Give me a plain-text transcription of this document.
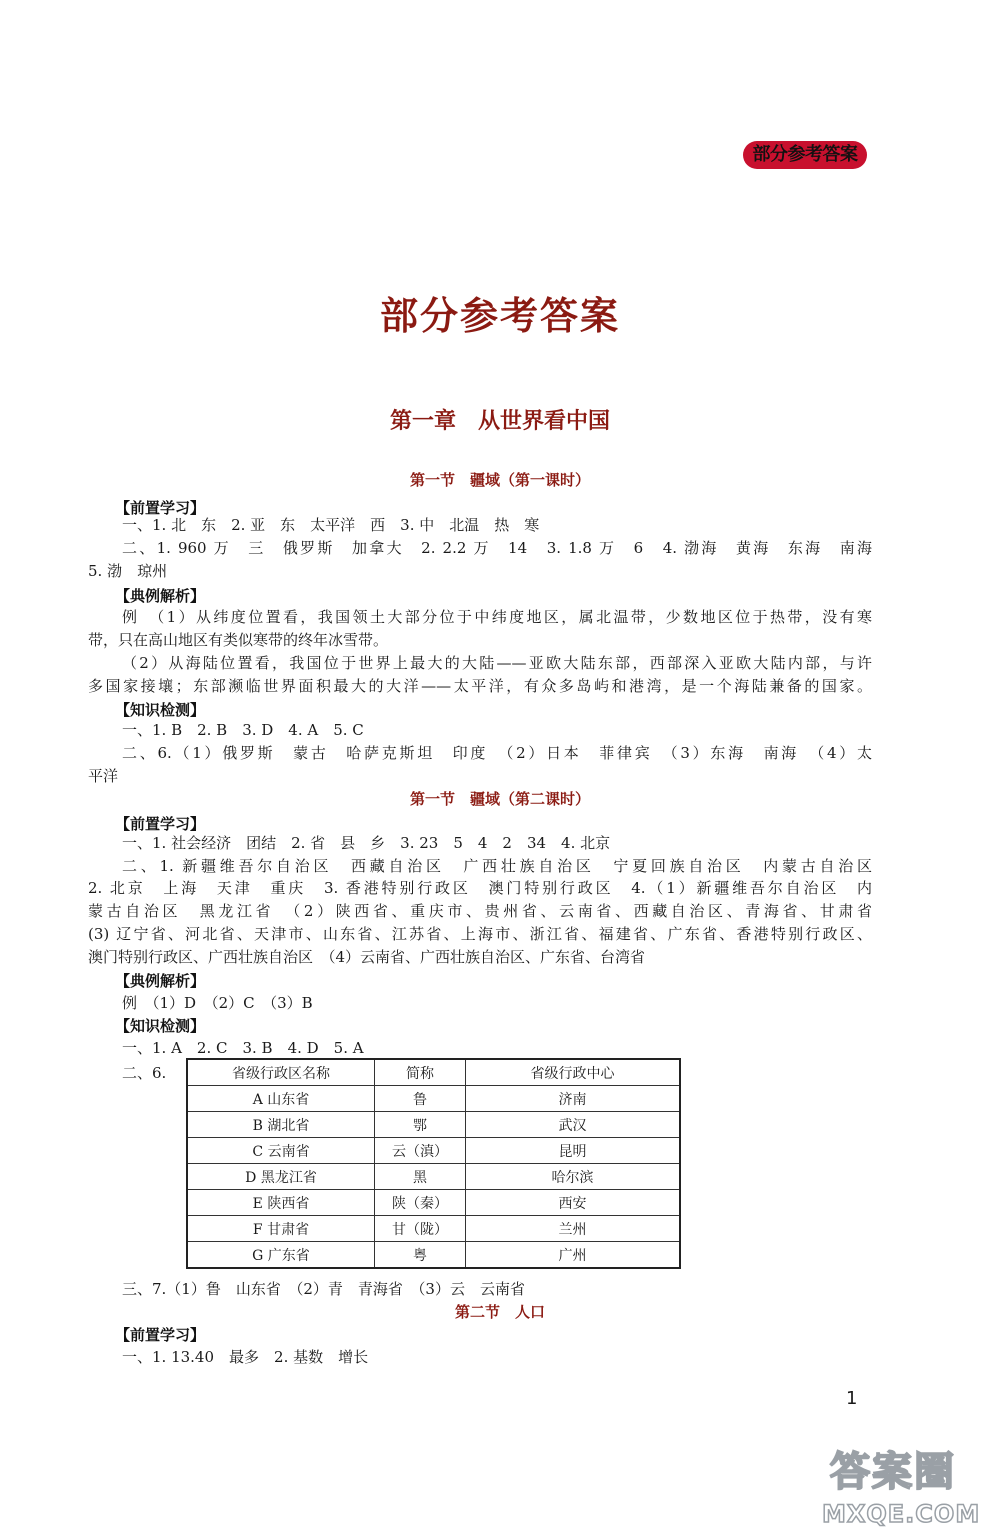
部分参考答案
部分参考答案
第一章　从世界看中国
第一节　疆域（第一课时）
【前置学习】
一、1. 北　东　2. 亚　东　太平洋　西　3. 中　北温　热　寒
二、1. 960 万　三　俄罗斯　加拿大　2. 2.2 万　14　3. 1.8 万　6　4. 渤海　黄海　东海　南海
5. 渤　琼州
【典例解析】
例　（1）从纬度位置看，我国领土大部分位于中纬度地区，属北温带，少数地区位于热带，没有寒
带，只在高山地区有类似寒带的终年冰雪带。
（2）从海陆位置看，我国位于世界上最大的大陆——亚欧大陆东部，西部深入亚欧大陆内部，与许
多国家接壤；东部濒临世界面积最大的大洋——太平洋，有众多岛屿和港湾，是一个海陆兼备的国家。
【知识检测】
一、1. B　2. B　3. D　4. A　5. C
二、6.（1）俄罗斯　蒙古　哈萨克斯坦　印度　（2）日本　菲律宾　（3）东海　南海　（4）太
平洋
第一节　疆域（第二课时）
【前置学习】
一、1. 社会经济　团结　2. 省　县　乡　3. 23　5　4　2　34　4. 北京
二、1. 新疆维吾尔自治区　西藏自治区　广西壮族自治区　宁夏回族自治区　内蒙古自治区
2. 北京　上海　天津　重庆　3. 香港特别行政区　澳门特别行政区　4.（1）新疆维吾尔自治区　内
蒙古自治区　黑龙江省　（2）陕西省、重庆市、贵州省、云南省、西藏自治区、青海省、甘肃省
(3) 辽宁省、河北省、天津市、山东省、江苏省、上海市、浙江省、福建省、广东省、香港特别行政区、
澳门特别行政区、广西壮族自治区　（4）云南省、广西壮族自治区、广东省、台湾省
【典例解析】
例　（1）D　（2）C　（3）B
【知识检测】
一、1. A　2. C　3. B　4. D　5. A
二、6.	省级行政区名称	简称	省级行政中心
A 山东省	鲁	济南
B 湖北省	鄂	武汉
C 云南省	云（滇）	昆明
D 黑龙江省	黑	哈尔滨
E 陕西省	陕（秦）	西安
F 甘肃省	甘（陇）	兰州
G 广东省	粤	广州
三、7.（1）鲁　山东省　（2）青　青海省　（3）云　云南省
第二节　人口
【前置学习】
一、1. 13.40　最多　2. 基数　增长
1
答案圈
MXQE.COM
